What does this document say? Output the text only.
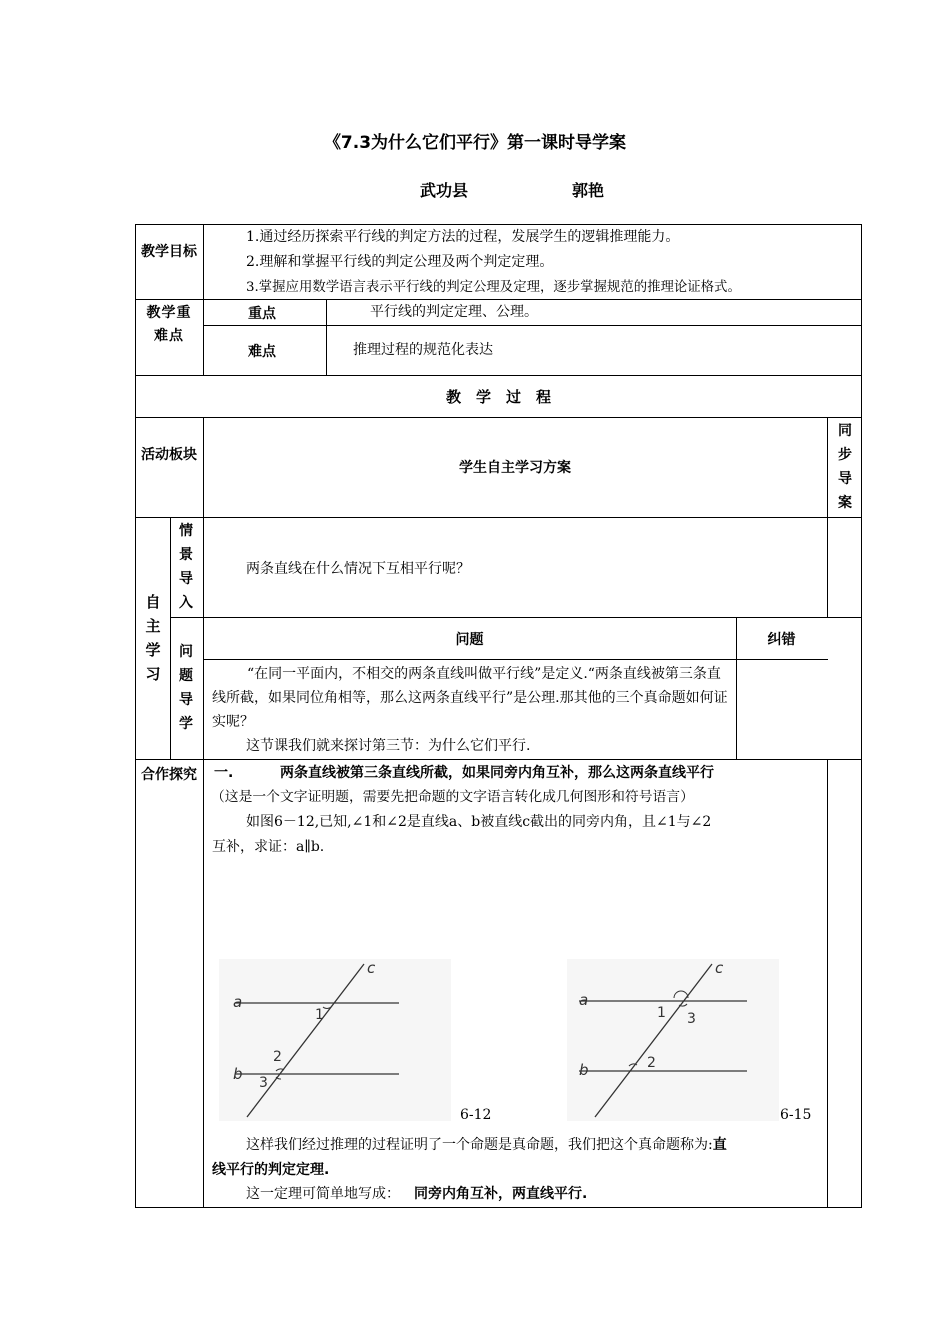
《7.3为什么它们平行》第一课时导学案
武功县	郭艳
教学目标
1.通过经历探索平行线的判定方法的过程，发展学生的逻辑推理能力。
2.理解和掌握平行线的判定公理及两个判定定理。
3.掌握应用数学语言表示平行线的判定公理及定理，逐步掌握规范的推理论证格式。
教学重难点
重点	平行线的判定定理、公理。
难点	推理过程的规范化表达
教　学　过　程
活动板块
学生自主学习方案
同步导案
自主学习
情景导入
两条直线在什么情况下互相平行呢？
问题导学
问题	纠错
“在同一平面内，不相交的两条直线叫做平行线”是定义.“两条直线被第三条直线所截，如果同位角相等，那么这两条直线平行”是公理.那其他的三个真命题如何证实呢？
这节课我们就来探讨第三节：为什么它们平行.
合作探究 一.	两条直线被第三条直线所截，如果同旁内角互补，那么这两条直线平行
（这是一个文字证明题，需要先把命题的文字语言转化成几何图形和符号语言）
如图6－12,已知,∠1和∠2是直线a、b被直线c截出的同旁内角，且∠1与∠2
互补，求证：a∥b.
a
b
c
1
2
3
6-12
a
b
c
1 3
2
6-15
这样我们经过推理的过程证明了一个命题是真命题，我们把这个真命题称为:直
线平行的判定定理.
这一定理可简单地写成： 同旁内角互补，两直线平行.
